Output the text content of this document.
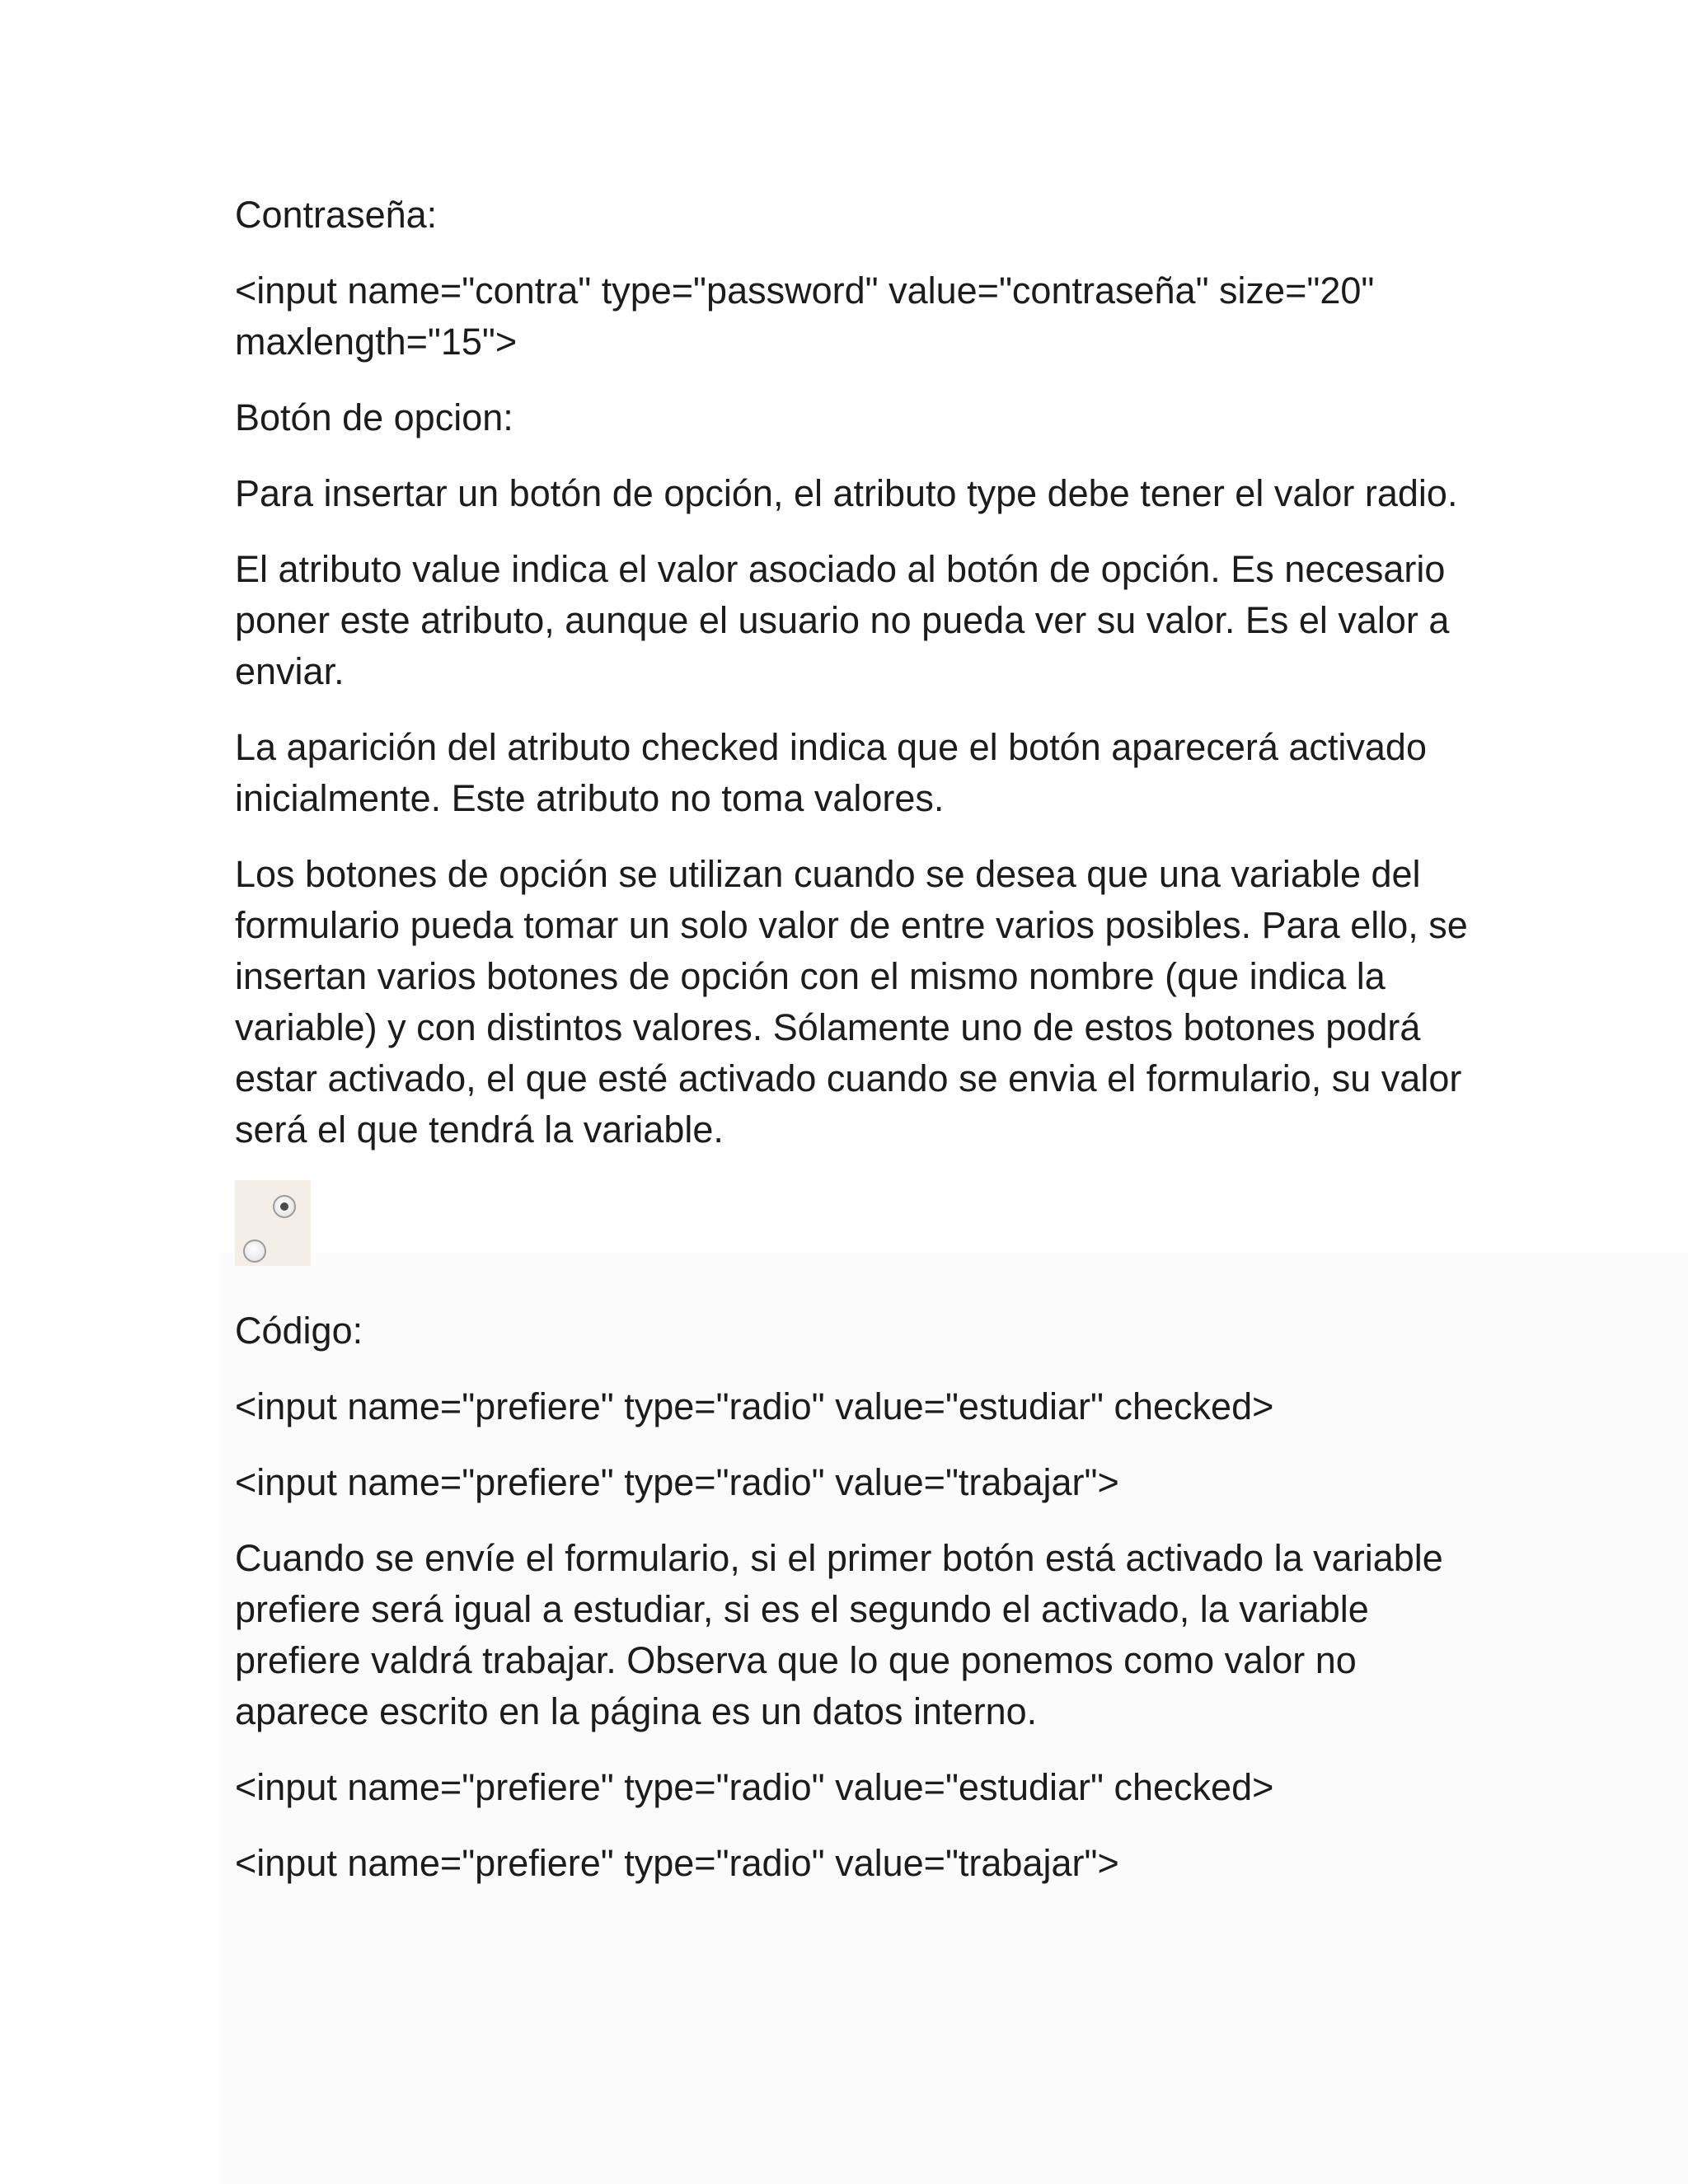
Contraseña:

<input name="contra" type="password" value="contraseña" size="20" maxlength="15">

Botón de opcion:

Para insertar un botón de opción, el atributo type debe tener el valor radio.

El atributo value indica el valor asociado al botón de opción. Es necesario poner este atributo, aunque el usuario no pueda ver su valor. Es el valor a enviar.

La aparición del atributo checked indica que el botón aparecerá activado inicialmente. Este atributo no toma valores.

Los botones de opción se utilizan cuando se desea que una variable del formulario pueda tomar un solo valor de entre varios posibles. Para ello, se insertan varios botones de opción con el mismo nombre (que indica la variable) y con distintos valores. Sólamente uno de estos botones podrá estar activado, el que esté activado cuando se envia el formulario, su valor será el que tendrá la variable.

Código:

<input name="prefiere" type="radio" value="estudiar" checked>

<input name="prefiere" type="radio" value="trabajar">

Cuando se envíe el formulario, si el primer botón está activado la variable prefiere será igual a estudiar, si es el segundo el activado, la variable prefiere valdrá trabajar. Observa que lo que ponemos como valor no aparece escrito en la página es un datos interno.

<input name="prefiere" type="radio" value="estudiar" checked>

<input name="prefiere" type="radio" value="trabajar">
